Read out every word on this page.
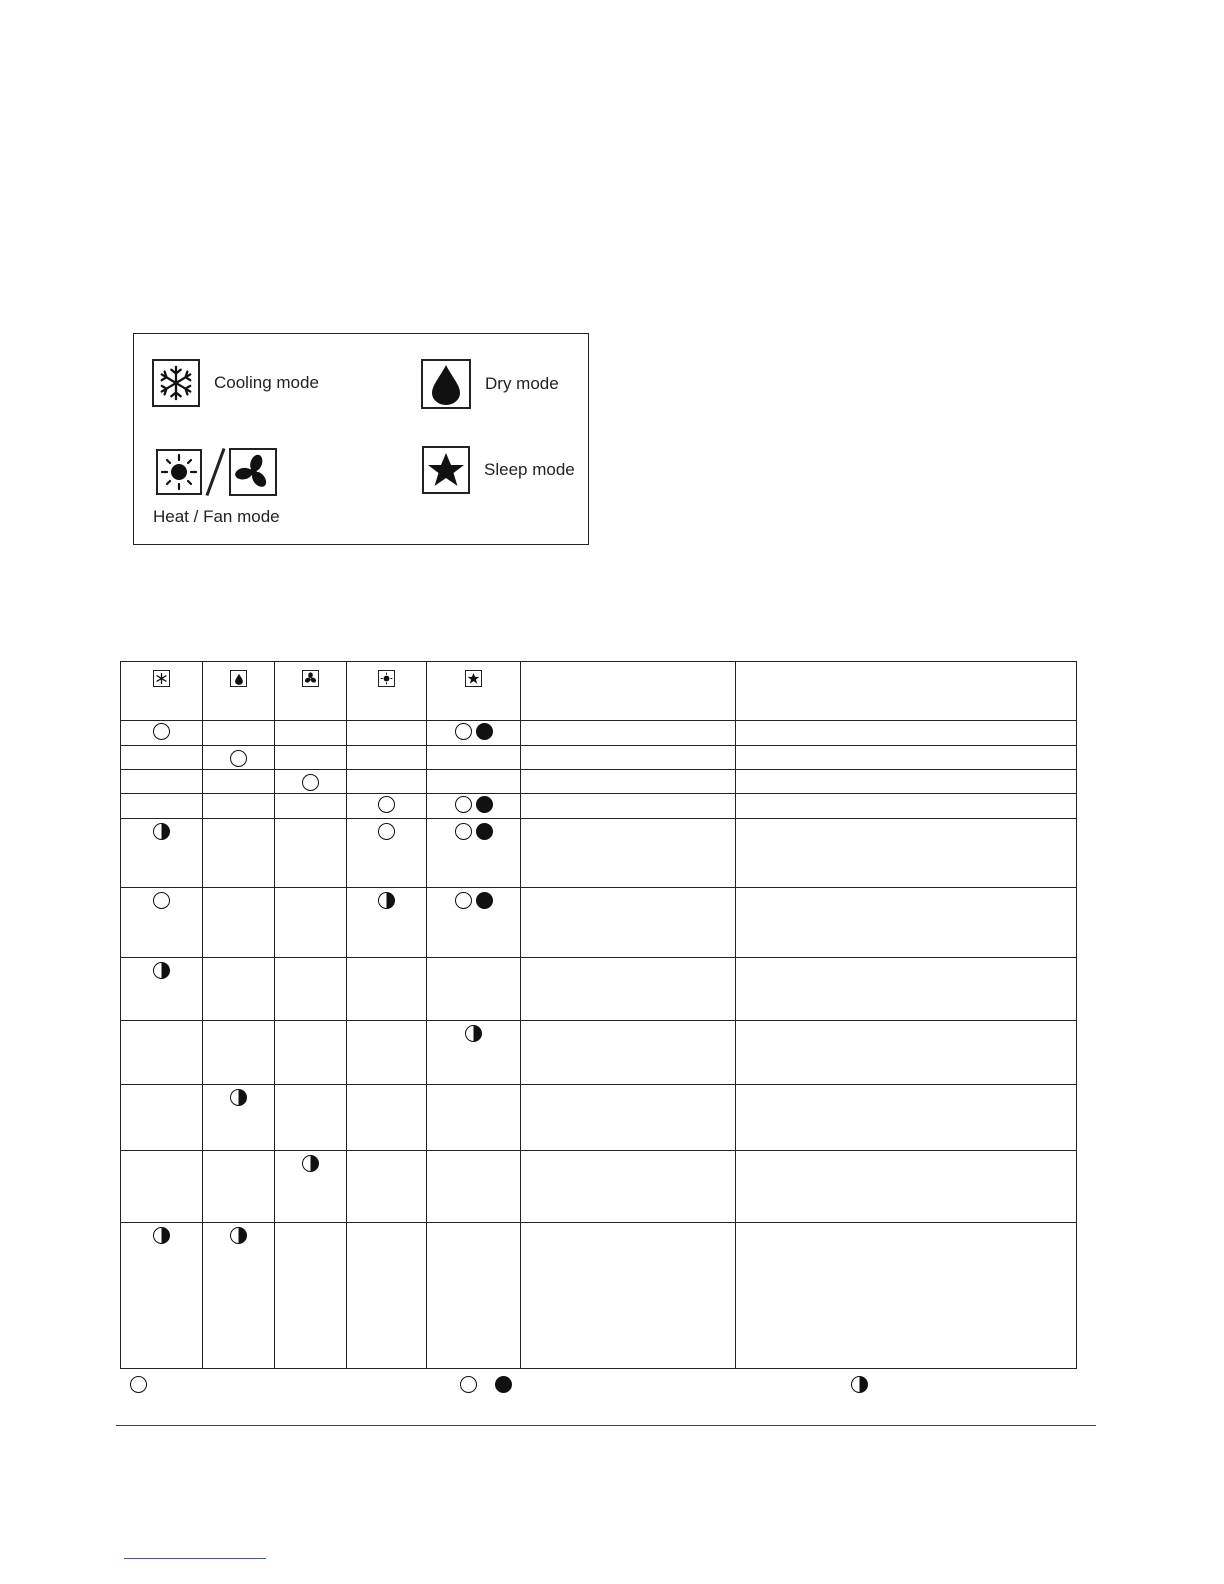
Cooling mode	Dry mode
Heat / Fan mode
Sleep mode
